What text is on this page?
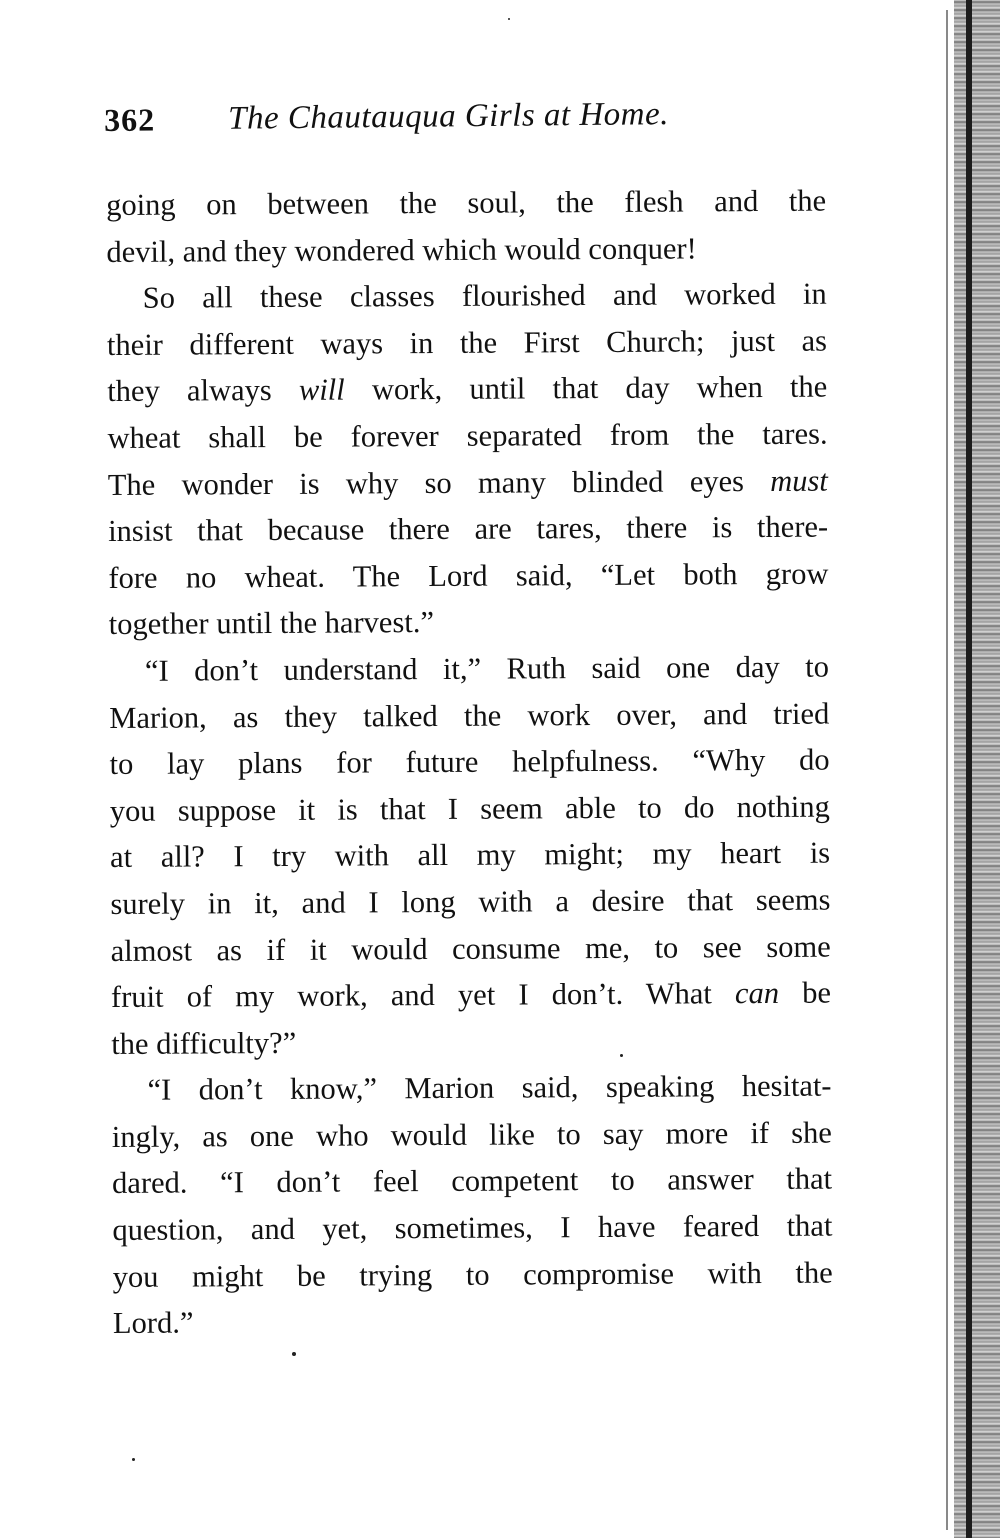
362 The Chautauqua Girls at Home.
going on between the soul, the flesh and the
devil, and they wondered which would conquer!
So all these classes flourished and worked in
their different ways in the First Church; just as
they always will work, until that day when the
wheat shall be forever separated from the tares.
The wonder is why so many blinded eyes must
insist that because there are tares, there is there-
fore no wheat. The Lord said, “Let both grow
together until the harvest.”
“I don’t understand it,” Ruth said one day to
Marion, as they talked the work over, and tried
to lay plans for future helpfulness. “Why do
you suppose it is that I seem able to do nothing
at all? I try with all my might; my heart is
surely in it, and I long with a desire that seems
almost as if it would consume me, to see some
fruit of my work, and yet I don’t. What can be
the difficulty?”
“I don’t know,” Marion said, speaking hesitat-
ingly, as one who would like to say more if she
dared. “I don’t feel competent to answer that
question, and yet, sometimes, I have feared that
you might be trying to compromise with the
Lord.”
